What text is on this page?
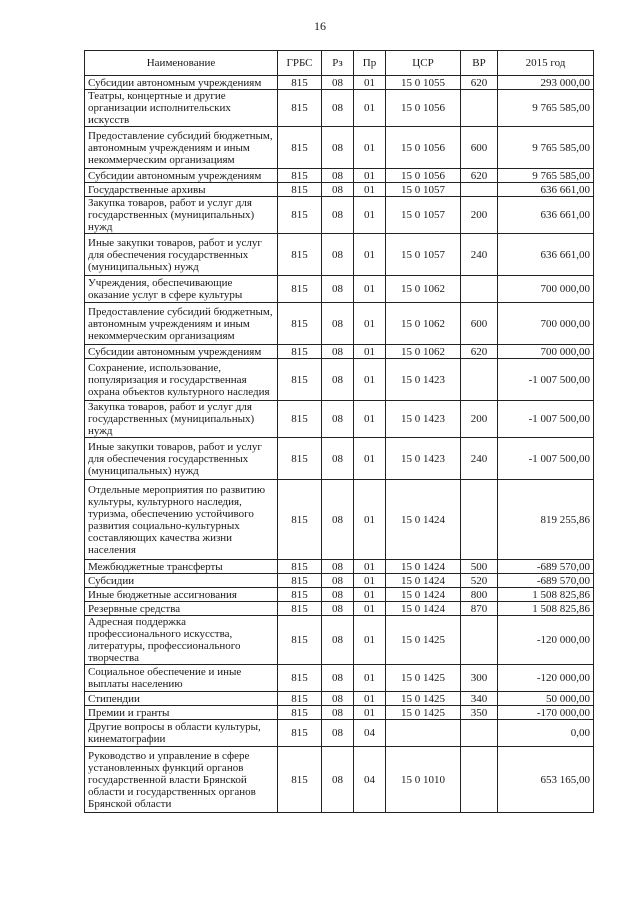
16
Наименование	ГРБС	Рз	Пр	ЦСР	ВР	2015 год
Субсидии автономным учреждениям	815	08	01	15 0 1055	620	293 000,00
Театры, концертные и другие организации исполнительских искусств	815	08	01	15 0 1056		9 765 585,00
Предоставление субсидий бюджетным, автономным учреждениям и иным некоммерческим организациям	815	08	01	15 0 1056	600	9 765 585,00
Субсидии автономным учреждениям	815	08	01	15 0 1056	620	9 765 585,00
Государственные архивы	815	08	01	15 0 1057		636 661,00
Закупка товаров, работ и услуг для государственных (муниципальных) нужд	815	08	01	15 0 1057	200	636 661,00
Иные закупки товаров, работ и услуг для обеспечения государственных (муниципальных) нужд	815	08	01	15 0 1057	240	636 661,00
Учреждения, обеспечивающие оказание услуг в сфере культуры	815	08	01	15 0 1062		700 000,00
Предоставление субсидий бюджетным, автономным учреждениям и иным некоммерческим организациям	815	08	01	15 0 1062	600	700 000,00
Субсидии автономным учреждениям	815	08	01	15 0 1062	620	700 000,00
Сохранение, использование, популяризация и государственная охрана объектов культурного наследия	815	08	01	15 0 1423		-1 007 500,00
Закупка товаров, работ и услуг для государственных (муниципальных) нужд	815	08	01	15 0 1423	200	-1 007 500,00
Иные закупки товаров, работ и услуг для обеспечения государственных (муниципальных) нужд	815	08	01	15 0 1423	240	-1 007 500,00
Отдельные мероприятия по развитию культуры, культурного наследия, туризма, обеспечению устойчивого развития социально-культурных составляющих качества жизни населения	815	08	01	15 0 1424		819 255,86
Межбюджетные трансферты	815	08	01	15 0 1424	500	-689 570,00
Субсидии	815	08	01	15 0 1424	520	-689 570,00
Иные бюджетные ассигнования	815	08	01	15 0 1424	800	1 508 825,86
Резервные средства	815	08	01	15 0 1424	870	1 508 825,86
Адресная поддержка профессионального искусства, литературы, профессионального творчества	815	08	01	15 0 1425		-120 000,00
Социальное обеспечение и иные выплаты населению	815	08	01	15 0 1425	300	-120 000,00
Стипендии	815	08	01	15 0 1425	340	50 000,00
Премии и гранты	815	08	01	15 0 1425	350	-170 000,00
Другие вопросы в области культуры, кинематографии	815	08	04			0,00
Руководство и управление в сфере установленных функций органов государственной власти Брянской области и государственных органов Брянской области	815	08	04	15 0 1010		653 165,00
